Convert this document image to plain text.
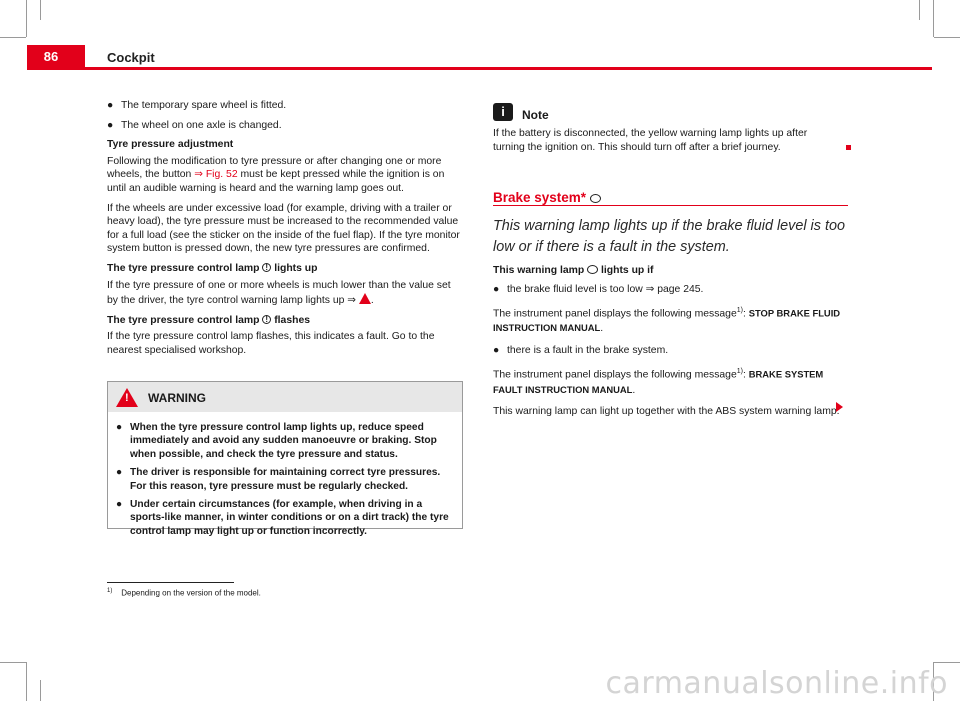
86	Cockpit

● The temporary spare wheel is fitted.

● The wheel on one axle is changed.

Tyre pressure adjustment

Following the modification to tyre pressure or after changing one or more wheels, the button ⇒ Fig. 52 must be kept pressed while the ignition is on until an audible warning is heard and the warning lamp goes out.

If the wheels are under excessive load (for example, driving with a trailer or heavy load), the tyre pressure must be increased to the recommended value for a full load (see the sticker on the inside of the fuel flap). If the tyre monitor system button is pressed down, the new tyre pressures are confirmed.

The tyre pressure control lamp ! lights up

If the tyre pressure of one or more wheels is much lower than the value set by the driver, the tyre control warning lamp lights up ⇒ .

The tyre pressure control lamp ! flashes

If the tyre pressure control lamp flashes, this indicates a fault. Go to the nearest specialised workshop.

! WARNING

● When the tyre pressure control lamp lights up, reduce speed immediately and avoid any sudden manoeuvre or braking. Stop when possible, and check the tyre pressure and status.

● The driver is responsible for maintaining correct tyre pressures. For this reason, tyre pressure must be regularly checked.

● Under certain circumstances (for example, when driving in a sports-like manner, in winter conditions or on a dirt track) the tyre control lamp may light up or function incorrectly.

$^{1)}$ Depending on the version of the model.
i	Note
If the battery is disconnected, the yellow warning lamp lights up after turning the ignition on. This should turn off after a brief journey.
Brake system*
This warning lamp lights up if the brake fluid level is too low or if there is a fault in the system.

This warning lamp  lights up if

● the brake fluid level is too low ⇒ page 245.

The instrument panel displays the following message$^{1)}$: STOP BRAKE FLUID INSTRUCTION MANUAL.

● there is a fault in the brake system.

The instrument panel displays the following message$^{1)}$: BRAKE SYSTEM FAULT INSTRUCTION MANUAL.

This warning lamp can light up together with the ABS system warning lamp.

carmanualsonline.info
